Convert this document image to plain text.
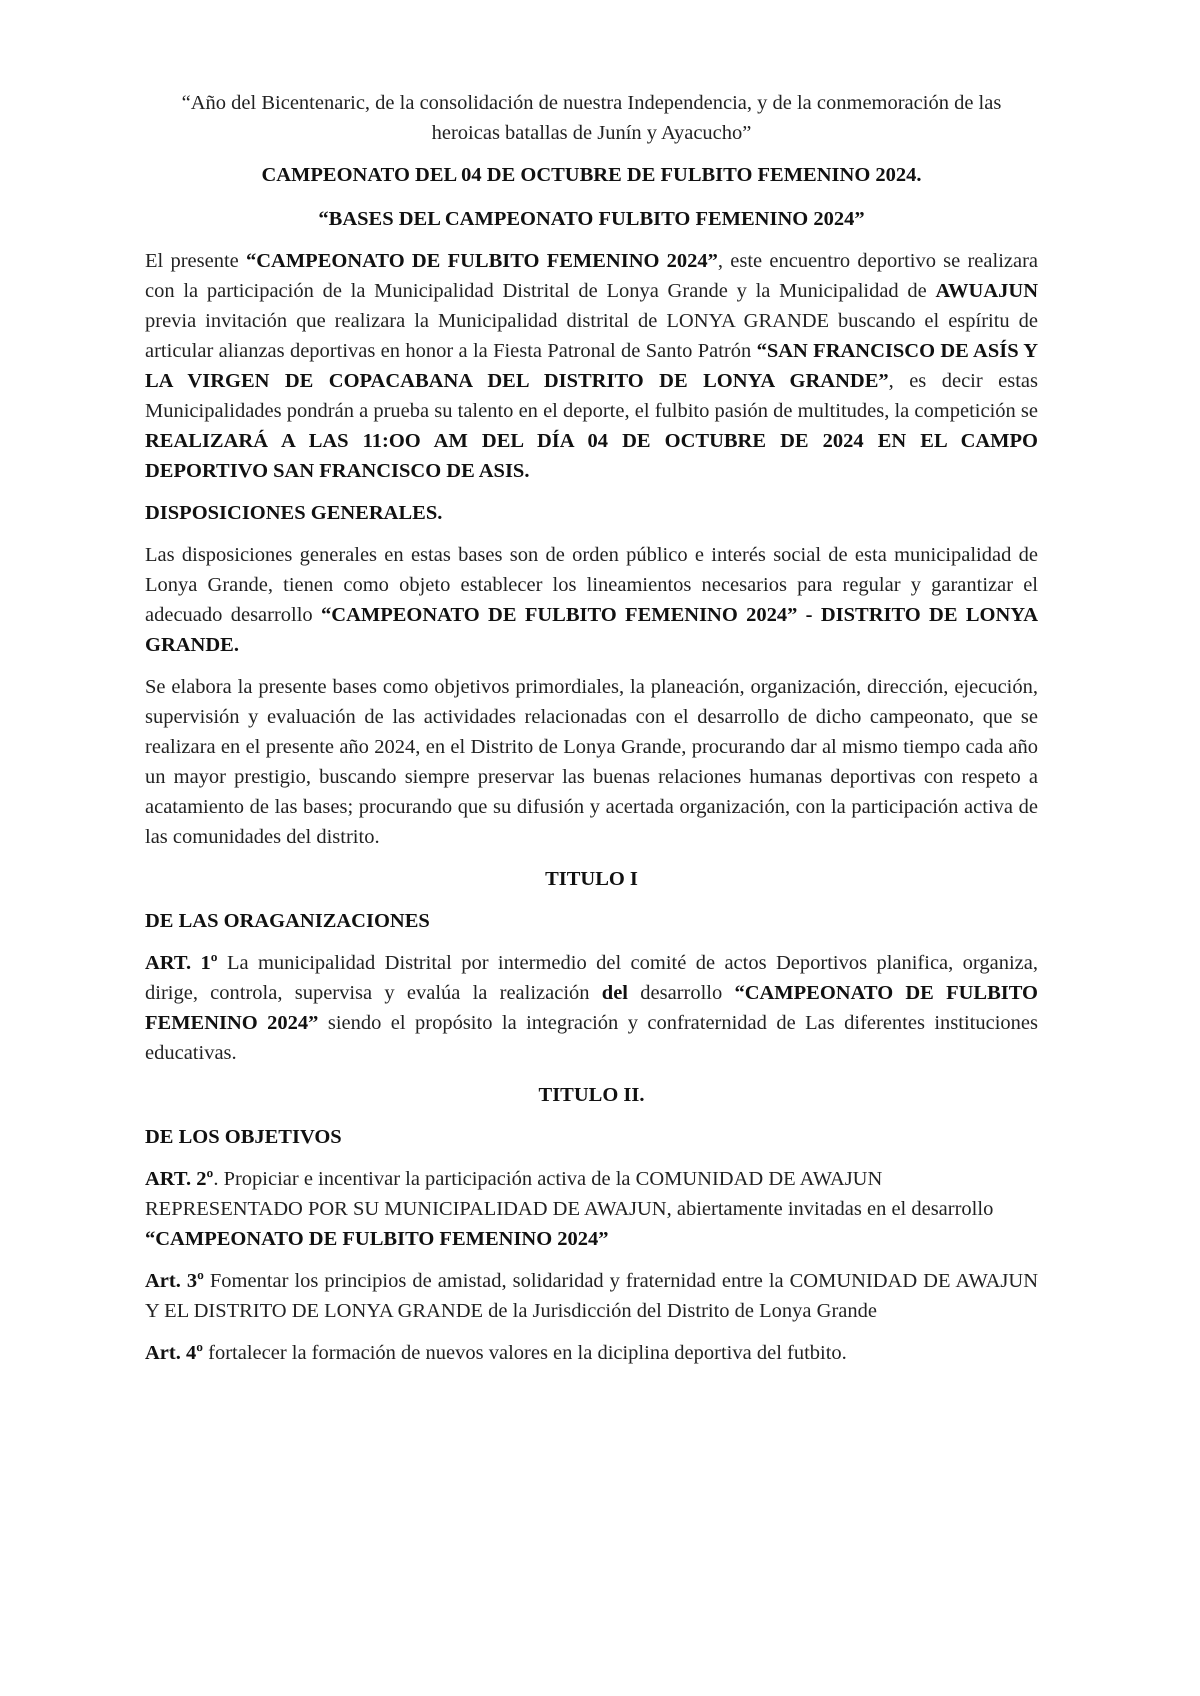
“Año del Bicentenaric, de la consolidación de nuestra Independencia, y de la conmemoración de las heroicas batallas de Junín y Ayacucho”

CAMPEONATO DEL 04 DE OCTUBRE DE FULBITO FEMENINO 2024.

“BASES DEL CAMPEONATO FULBITO FEMENINO 2024”

El presente “CAMPEONATO DE FULBITO FEMENINO 2024”, este encuentro deportivo se realizara con la participación de la Municipalidad Distrital de Lonya Grande y la Municipalidad de AWUAJUN previa invitación que realizara la Municipalidad distrital de LONYA GRANDE buscando el espíritu de articular alianzas deportivas en honor a la Fiesta Patronal de Santo Patrón “SAN FRANCISCO DE ASÍS Y LA VIRGEN DE COPACABANA DEL DISTRITO DE LONYA GRANDE”, es decir estas Municipalidades pondrán a prueba su talento en el deporte, el fulbito pasión de multitudes, la competición se REALIZARÁ A LAS 11:OO AM DEL DÍA 04 DE OCTUBRE DE 2024 EN EL CAMPO DEPORTIVO SAN FRANCISCO DE ASIS.

DISPOSICIONES GENERALES.

Las disposiciones generales en estas bases son de orden público e interés social de esta municipalidad de Lonya Grande, tienen como objeto establecer los lineamientos necesarios para regular y garantizar el adecuado desarrollo “CAMPEONATO DE FULBITO FEMENINO 2024” - DISTRITO DE LONYA GRANDE.

Se elabora la presente bases como objetivos primordiales, la planeación, organización, dirección, ejecución, supervisión y evaluación de las actividades relacionadas con el desarrollo de dicho campeonato, que se realizara en el presente año 2024, en el Distrito de Lonya Grande, procurando dar al mismo tiempo cada año un mayor prestigio, buscando siempre preservar las buenas relaciones humanas deportivas con respeto a acatamiento de las bases; procurando que su difusión y acertada organización, con la participación activa de las comunidades del distrito.

TITULO I

DE LAS ORAGANIZACIONES

ART. 1º La municipalidad Distrital por intermedio del comité de actos Deportivos planifica, organiza, dirige, controla, supervisa y evalúa la realización del desarrollo “CAMPEONATO DE FULBITO FEMENINO 2024” siendo el propósito la integración y confraternidad de Las diferentes instituciones educativas.

TITULO II.

DE LOS OBJETIVOS

ART. 2º. Propiciar e incentivar la participación activa de la COMUNIDAD DE AWAJUN REPRESENTADO POR SU MUNICIPALIDAD DE AWAJUN, abiertamente invitadas en el desarrollo “CAMPEONATO DE FULBITO FEMENINO 2024”

Art. 3º Fomentar los principios de amistad, solidaridad y fraternidad entre la COMUNIDAD DE AWAJUN Y EL DISTRITO DE LONYA GRANDE de la Jurisdicción del Distrito de Lonya Grande

Art. 4º fortalecer la formación de nuevos valores en la diciplina deportiva del futbito.
